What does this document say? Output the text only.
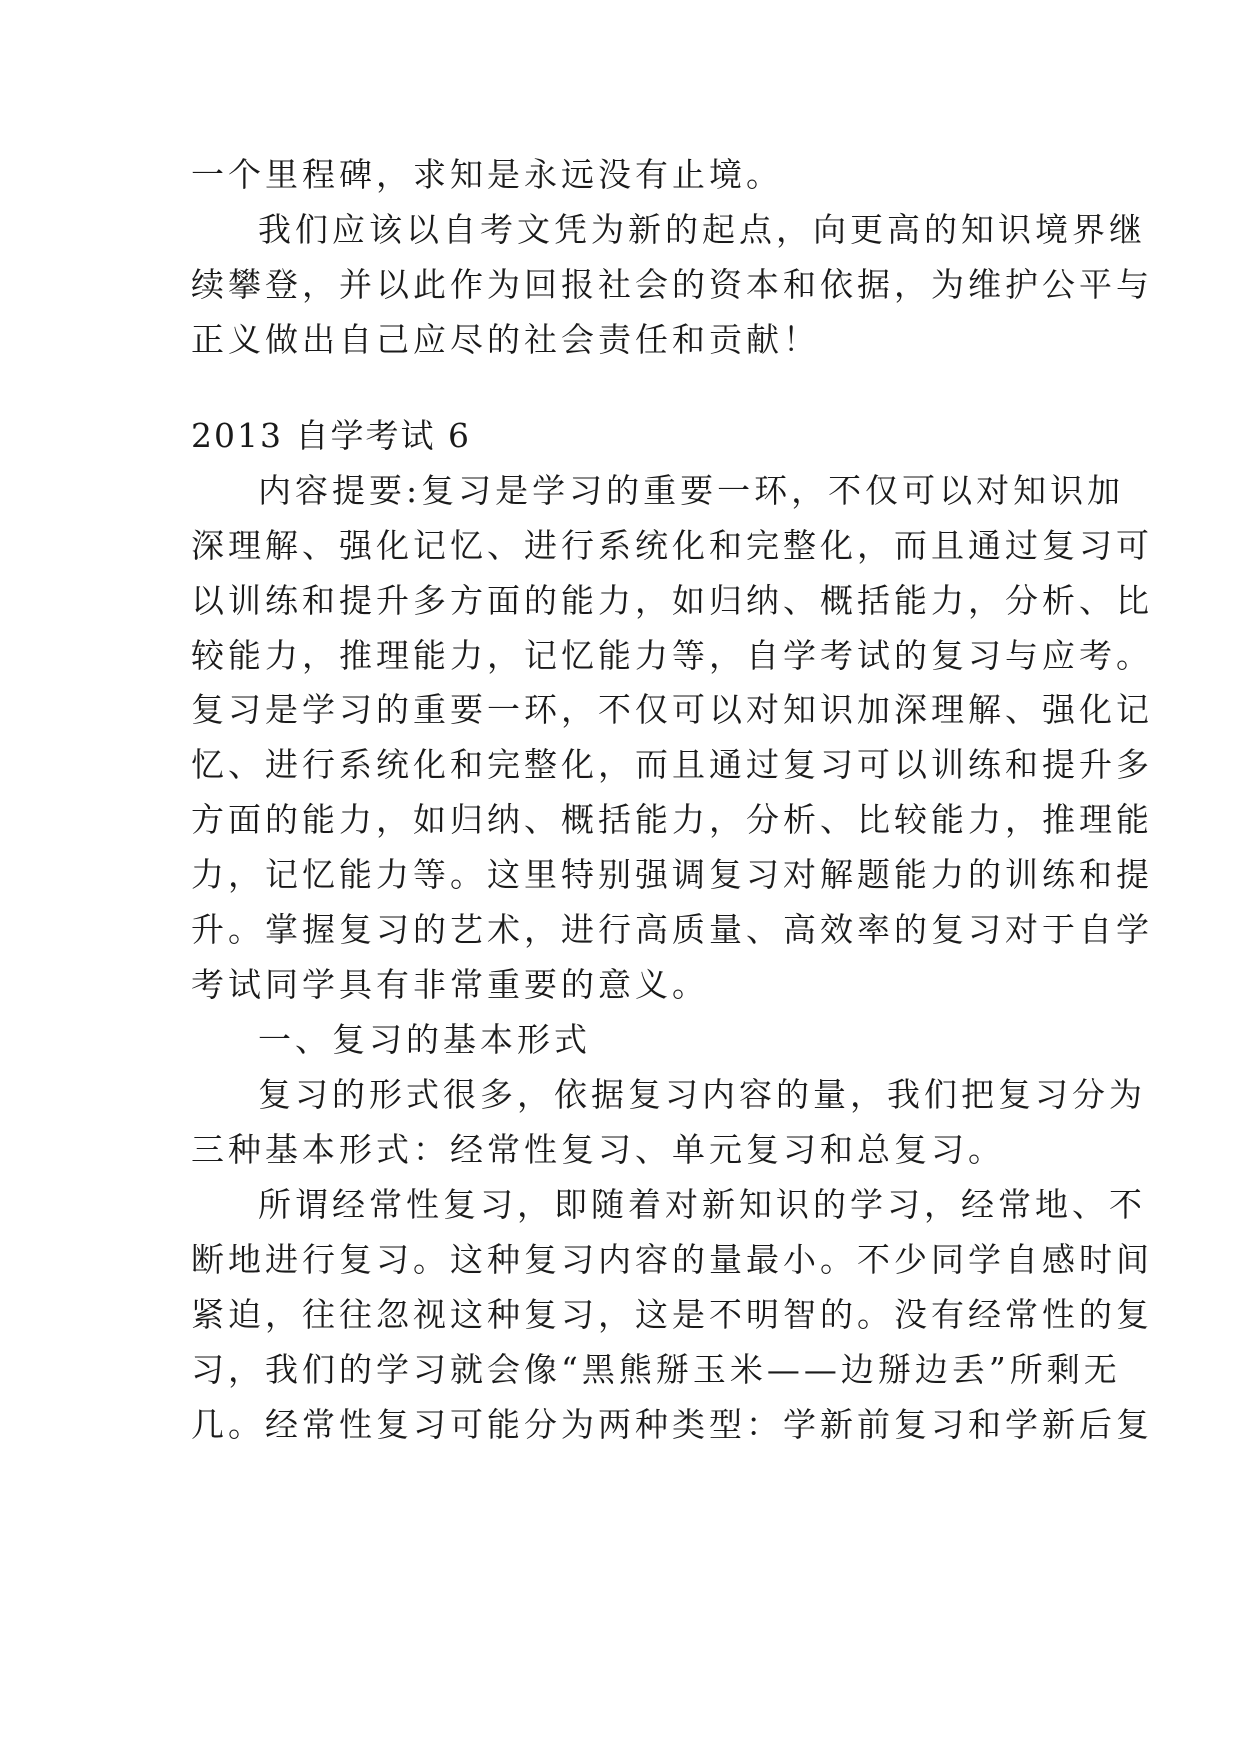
一个里程碑，求知是永远没有止境。
我们应该以自考文凭为新的起点，向更高的知识境界继
续攀登，并以此作为回报社会的资本和依据，为维护公平与
正义做出自己应尽的社会责任和贡献！
2013 自学考试 6
内容提要:复习是学习的重要一环，不仅可以对知识加
深理解、强化记忆、进行系统化和完整化，而且通过复习可
以训练和提升多方面的能力，如归纳、概括能力，分析、比
较能力，推理能力，记忆能力等，自学考试的复习与应考。
复习是学习的重要一环，不仅可以对知识加深理解、强化记
忆、进行系统化和完整化，而且通过复习可以训练和提升多
方面的能力，如归纳、概括能力，分析、比较能力，推理能
力，记忆能力等。这里特别强调复习对解题能力的训练和提
升。掌握复习的艺术，进行高质量、高效率的复习对于自学
考试同学具有非常重要的意义。
一、复习的基本形式
复习的形式很多，依据复习内容的量，我们把复习分为
三种基本形式：经常性复习、单元复习和总复习。
所谓经常性复习，即随着对新知识的学习，经常地、不
断地进行复习。这种复习内容的量最小。不少同学自感时间
紧迫，往往忽视这种复习，这是不明智的。没有经常性的复
习，我们的学习就会像“黑熊掰玉米——边掰边丢”所剩无
几。经常性复习可能分为两种类型：学新前复习和学新后复
